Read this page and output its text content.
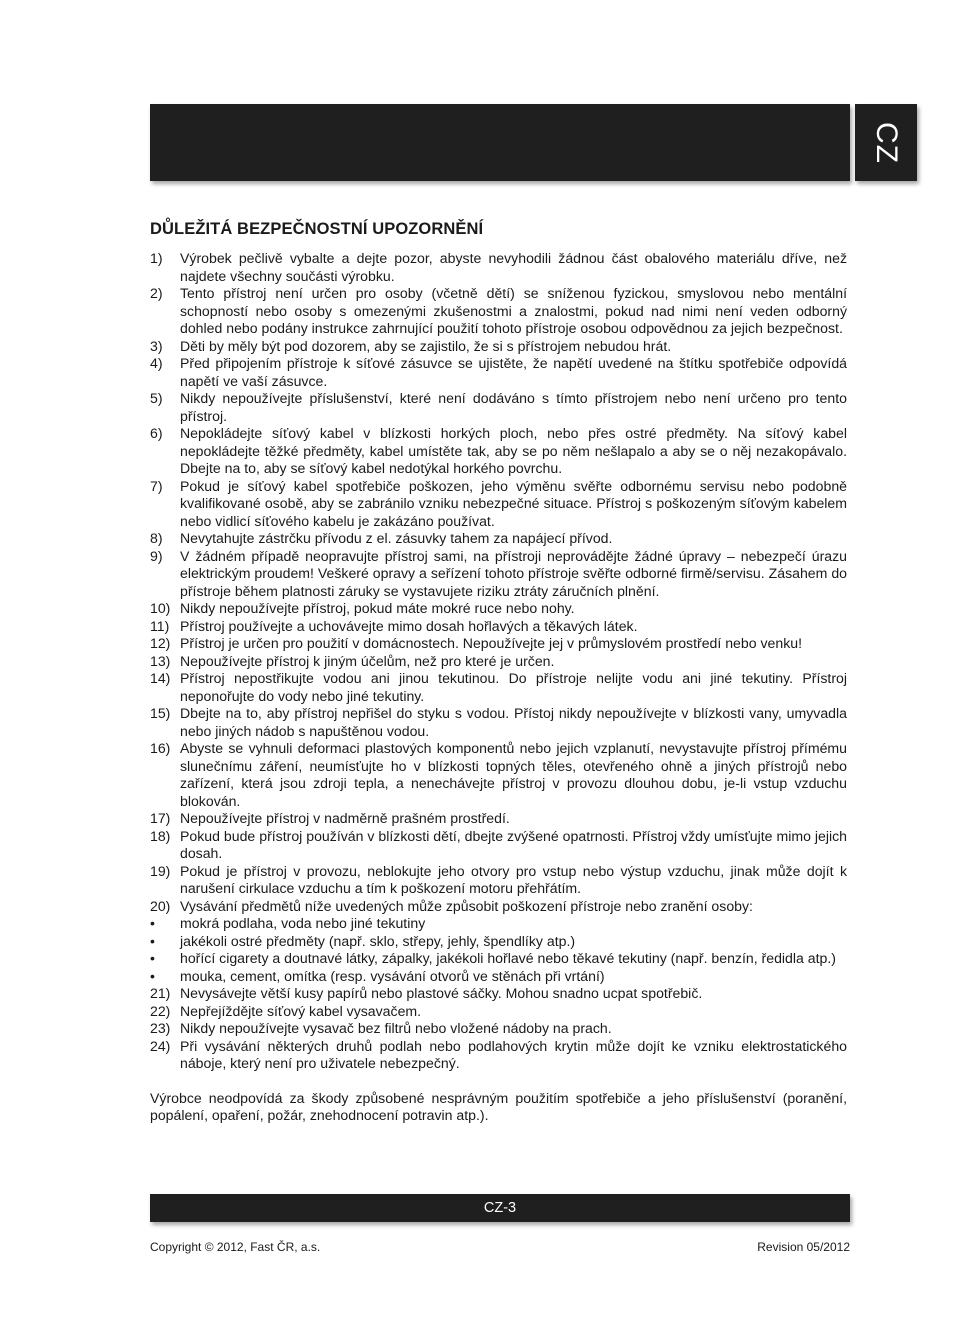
CZ
DŮLEŽITÁ BEZPEČNOSTNÍ UPOZORNĚNÍ
1) Výrobek pečlivě vybalte a dejte pozor, abyste nevyhodili žádnou část obalového materiálu dříve, než najdete všechny součásti výrobku.
2) Tento přístroj není určen pro osoby (včetně dětí) se sníženou fyzickou, smyslovou nebo mentální schopností nebo osoby s omezenými zkušenostmi a znalostmi, pokud nad nimi není veden odborný dohled nebo podány instrukce zahrnující použití tohoto přístroje osobou odpovědnou za jejich bezpečnost.
3) Děti by měly být pod dozorem, aby se zajistilo, že si s přístrojem nebudou hrát.
4) Před připojením přístroje k síťové zásuvce se ujistěte, že napětí uvedené na štítku spotřebiče odpovídá napětí ve vaší zásuvce.
5) Nikdy nepoužívejte příslušenství, které není dodáváno s tímto přístrojem nebo není určeno pro tento přístroj.
6) Nepokládejte síťový kabel v blízkosti horkých ploch, nebo přes ostré předměty. Na síťový kabel nepokládejte těžké předměty, kabel umístěte tak, aby se po něm nešlapalo a aby se o něj nezakopávalo. Dbejte na to, aby se síťový kabel nedotýkal horkého povrchu.
7) Pokud je síťový kabel spotřebiče poškozen, jeho výměnu svěřte odbornému servisu nebo podobně kvalifikované osobě, aby se zabránilo vzniku nebezpečné situace. Přístroj s poškozeným síťovým kabelem nebo vidlicí síťového kabelu je zakázáno používat.
8) Nevytahujte zástrčku přívodu z el. zásuvky tahem za napájecí přívod.
9) V žádném případě neopravujte přístroj sami, na přístroji neprovádějte žádné úpravy – nebezpečí úrazu elektrickým proudem! Veškeré opravy a seřízení tohoto přístroje svěřte odborné firmě/servisu. Zásahem do přístroje během platnosti záruky se vystavujete riziku ztráty záručních plnění.
10) Nikdy nepoužívejte přístroj, pokud máte mokré ruce nebo nohy.
11) Přístroj používejte a uchovávejte mimo dosah hořlavých a těkavých látek.
12) Přístroj je určen pro použití v domácnostech. Nepoužívejte jej v průmyslovém prostředí nebo venku!
13) Nepoužívejte přístroj k jiným účelům, než pro které je určen.
14) Přístroj nepostřikujte vodou ani jinou tekutinou. Do přístroje nelijte vodu ani jiné tekutiny. Přístroj neponořujte do vody nebo jiné tekutiny.
15) Dbejte na to, aby přístroj nepřišel do styku s vodou. Přístoj nikdy nepoužívejte v blízkosti vany, umyvadla nebo jiných nádob s napuštěnou vodou.
16) Abyste se vyhnuli deformaci plastových komponentů nebo jejich vzplanutí, nevystavujte přístroj přímému slunečnímu záření, neumísťujte ho v blízkosti topných těles, otevřeného ohně a jiných přístrojů nebo zařízení, která jsou zdroji tepla, a nenechávejte přístroj v provozu dlouhou dobu, je-li vstup vzduchu blokován.
17) Nepoužívejte přístroj v nadměrně prašném prostředí.
18) Pokud bude přístroj používán v blízkosti dětí, dbejte zvýšené opatrnosti. Přístroj vždy umísťujte mimo jejich dosah.
19) Pokud je přístroj v provozu, neblokujte jeho otvory pro vstup nebo výstup vzduchu, jinak může dojít k narušení cirkulace vzduchu a tím k poškození motoru přehřátím.
20) Vysávání předmětů níže uvedených může způsobit poškození přístroje nebo zranění osoby:
• mokrá podlaha, voda nebo jiné tekutiny
• jakékoli ostré předměty (např. sklo, střepy, jehly, špendlíky atp.)
• hořící cigarety a doutnavé látky, zápalky, jakékoli hořlavé nebo těkavé tekutiny (např. benzín, ředidla atp.)
• mouka, cement, omítka (resp. vysávání otvorů ve stěnách při vrtání)
21) Nevysávejte větší kusy papírů nebo plastové sáčky. Mohou snadno ucpat spotřebič.
22) Nepřejíždějte síťový kabel vysavačem.
23) Nikdy nepoužívejte vysavač bez filtrů nebo vložené nádoby na prach.
24) Při vysávání některých druhů podlah nebo podlahových krytin může dojít ke vzniku elektrostatického náboje, který není pro uživatele nebezpečný.
Výrobce neodpovídá za škody způsobené nesprávným použitím spotřebiče a jeho příslušenství (poranění, popálení, opaření, požár, znehodnocení potravin atp.).
CZ-3
Copyright © 2012, Fast ČR, a.s.	Revision 05/2012
